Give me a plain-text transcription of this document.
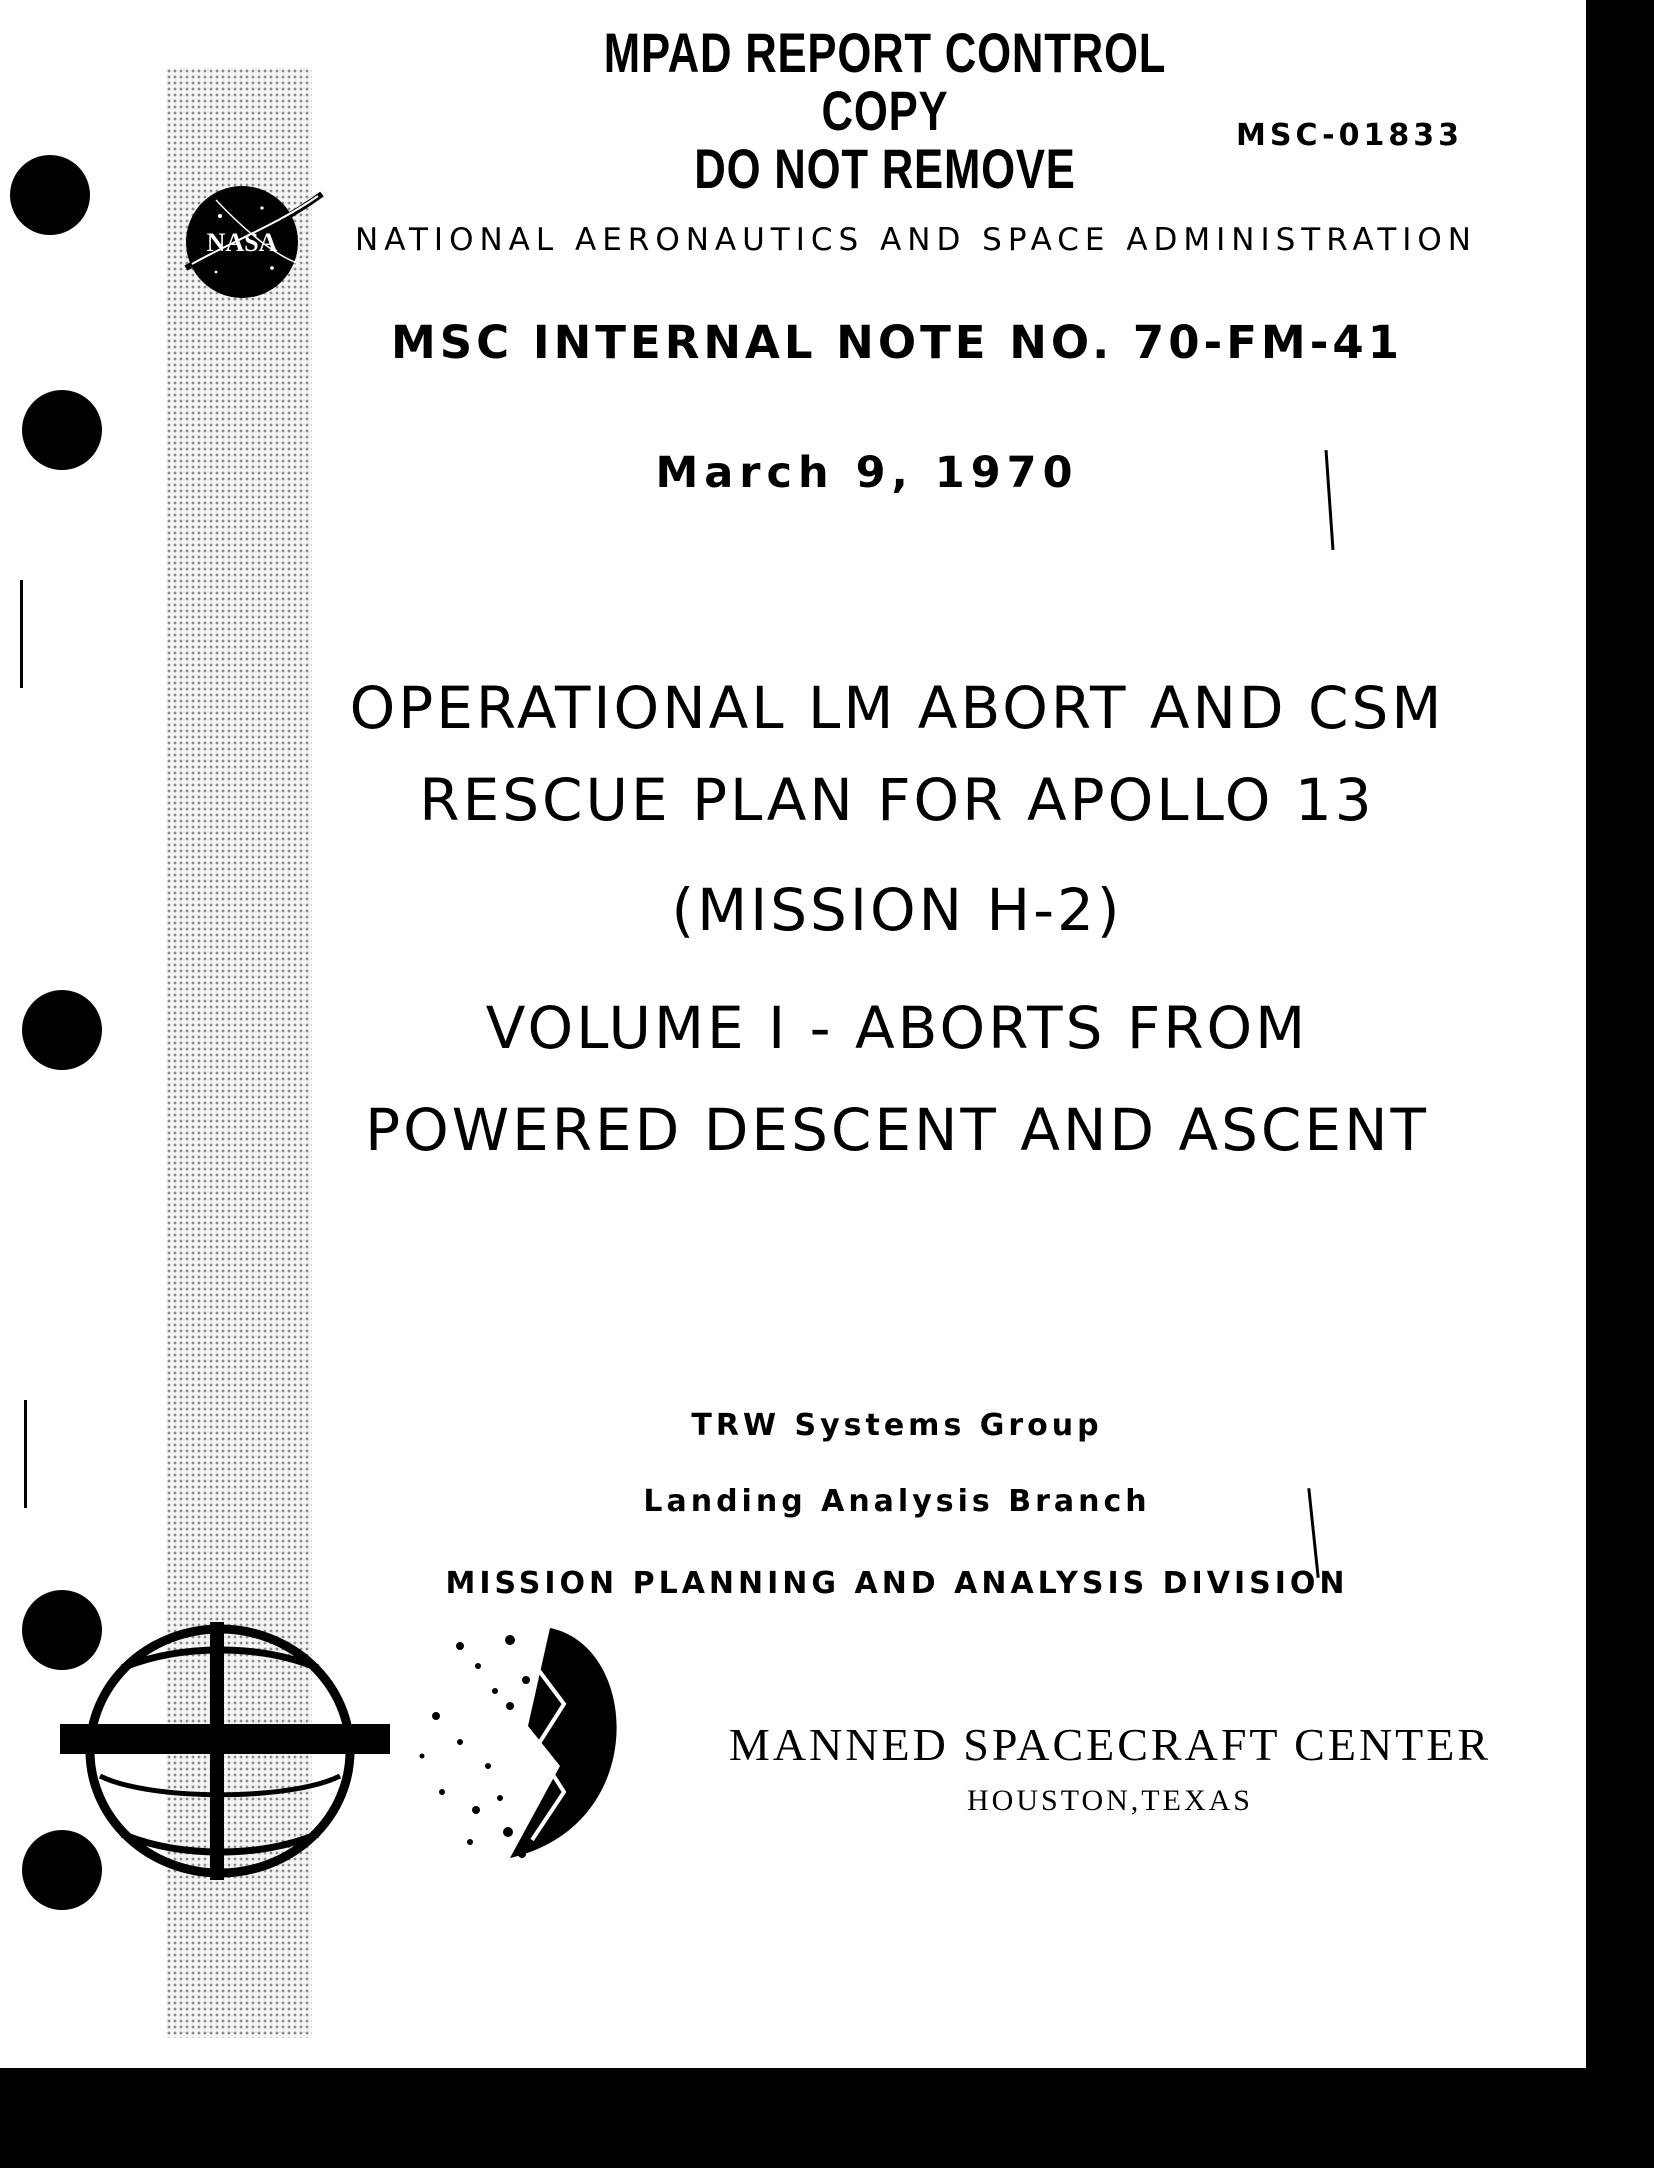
MPAD REPORT CONTROL
COPY
DO NOT REMOVE
MSC-01833
NASA	NATIONAL AERONAUTICS AND SPACE ADMINISTRATION
MSC INTERNAL NOTE NO. 70-FM-41
March 9, 1970
OPERATIONAL LM ABORT AND CSM
RESCUE PLAN FOR APOLLO 13
(MISSION H-2)
VOLUME I - ABORTS FROM
POWERED DESCENT AND ASCENT
TRW Systems Group
Landing Analysis Branch
MISSION PLANNING AND ANALYSIS DIVISION
MANNED SPACECRAFT CENTER
HOUSTON,TEXAS
